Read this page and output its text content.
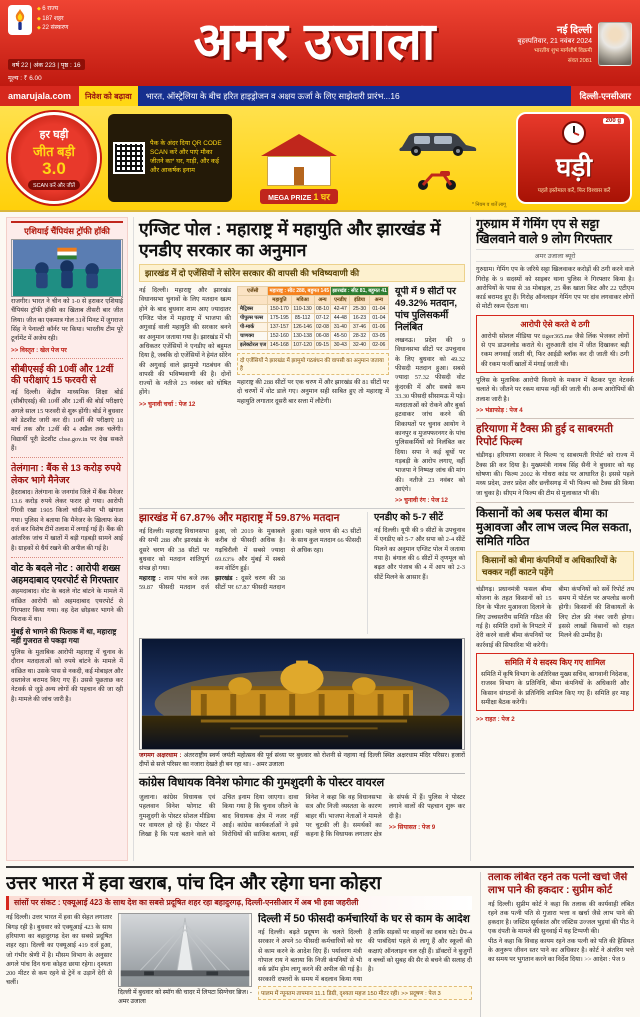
◆ 6 राज्य
◆ 187 शहर
◆ 22 संस्करण
वर्ष 22 | अंक 223 | पृष्ठ : 16
मूल्य : ₹ 6.00
अमर उजाला	नई दिल्ली
बृहस्पतिवार, 21 नवंबर 2024
भारतीय शुभ मार्गशीर्ष विक्रमी
संवत 2081
amarujala.com	निवेश को बढ़ावा	भारत, ऑस्ट्रेलिया के बीच हरित हाइड्रोजन व अक्षय ऊर्जा के लिए साझेदारी प्रारंभ...16	दिल्ली-एनसीआर
हर घड़ी
जीत बड़ी
3.0
SCAN करें और जीतें
पैक के अंदर दिया QR CODE SCAN करें और पाएं मौका जीतने का* घर, गाड़ी, और कई और आकर्षक इनाम
MEGA PRIZE 1 घर
200 g
घड़ी
पहले इस्तेमाल करें, फिर विश्वास करें
* नियम व शर्तें लागू
एशियाई चैंपियंस ट्रॉफी हॉकी

राजगीर। भारत ने चीन को 1-0 से हराकर एशियाई चैंपियंस ट्रॉफी हॉकी का खिताब तीसरी बार जीत लिया। जीत का एकमात्र गोल 31वें मिनट में जुगराज सिंह ने पेनाल्टी कॉर्नर पर किया। भारतीय टीम पूरे टूर्नामेंट में अजेय रही।

>> विस्तृत : खेल पेज पर
सीबीएसई की 10वीं और 12वीं की परीक्षाएं 15 फरवरी से

नई दिल्ली। केंद्रीय माध्यमिक शिक्षा बोर्ड (सीबीएसई) की 10वीं और 12वीं की बोर्ड परीक्षाएं अगले साल 15 फरवरी से शुरू होंगी। बोर्ड ने बुधवार को डेटशीट जारी कर दी। 10वीं की परीक्षाएं 18 मार्च तक और 12वीं की 4 अप्रैल तक चलेंगी। विद्यार्थी पूरी डेटशीट cbse.gov.in पर देख सकते हैं।

तेलंगाना : बैंक से 13 करोड़ रुपये लेकर भागे मैनेजर

हैदराबाद। तेलंगाना के जनगांव जिले में बैंक मैनेजर 13.6 करोड़ रुपये लेकर फरार हो गया। आरोपी गिरवी रखा 1905 किलो चांदी-सोना भी खंगाल गया। पुलिस ने बताया कि मैनेजर के खिलाफ केस दर्ज कर विशेष टीमें तलाश में लगाई गई हैं। बैंक की आंतरिक जांच में खातों में बड़ी गड़बड़ी सामने आई है। ग्राहकों से धैर्य रखने की अपील की गई है।

वोट के बदले नोट : आरोपी शख्स अहमदाबाद एयरपोर्ट से गिरफ्तार

अहमदाबाद। वोट के बदले नोट बांटने के मामले में वांछित आरोपी को अहमदाबाद एयरपोर्ट से गिरफ्तार किया गया। वह देश छोड़कर भागने की फिराक में था।

मुंबई से भागने की फिराक में था, महाराष्ट्र नहीं गुजरात से पकड़ा गया

पुलिस के मुताबिक आरोपी महाराष्ट्र में चुनाव के दौरान मतदाताओं को रुपये बांटने के मामले में वांछित था। उसके पास से नकदी, कई मोबाइल और दस्तावेज बरामद किए गए हैं। उससे पूछताछ कर नेटवर्क से जुड़े अन्य लोगों की पहचान की जा रही है। मामले की जांच जारी है।

एग्जिट पोल : महाराष्ट्र में महायुति और झारखंड में एनडीए सरकार का अनुमान
झारखंड में दो एजेंसियों ने सोरेन सरकार की वापसी की भविष्यवाणी की

नई दिल्ली। महाराष्ट्र और झारखंड विधानसभा चुनावों के लिए मतदान खत्म होने के बाद बुधवार शाम आए ज्यादातर एग्जिट पोल में महाराष्ट्र में भाजपा की अगुवाई वाली महायुति की सरकार बनने का अनुमान जताया गया है। झारखंड में भी अधिकतर एजेंसियों ने एनडीए को बहुमत दिया है, जबकि दो एजेंसियों ने हेमंत सोरेन की अगुवाई वाले झामुमो गठबंधन की वापसी की भविष्यवाणी की है। दोनों राज्यों के नतीजे 23 नवंबर को घोषित होंगे।

>> चुनावी चर्चा : पेज 12
एजेंसी	महाराष्ट्र : सीट 288, बहुमत 145			झारखंड : सीट 81, बहुमत 41		
	महायुति	मविआ	अन्य	एनडीए	इंडिया	अन्य
मैट्रिक्स	150-170	110-130	08-10	42-47	25-30	01-04
पीपुल्स पल्स	175-195	85-112	07-12	44-48	16-23	01-04
पी-मार्क	137-157	126-146	02-08	31-40	37-46	01-06
चाणक्य	152-160	130-138	06-08	45-50	28-32	03-05
इलेक्टोरल एज	145-168	107-120	09-15	30-43	32-40	02-06
दो एजेंसियों ने झारखंड में झामुमो गठबंधन की वापसी का अनुमान जताया है

महाराष्ट्र की 288 सीटों पर एक चरण में और झारखंड की 81 सीटों पर दो चरणों में वोट डाले गए। अनुमान सही साबित हुए तो महाराष्ट्र में महायुति लगातार दूसरी बार सत्ता में लौटेगी।

यूपी में 9 सीटों पर 49.32% मतदान, पांच पुलिसकर्मी निलंबित

लखनऊ। प्रदेश की 9 विधानसभा सीटों पर उपचुनाव के लिए बुधवार को 49.32 फीसदी मतदान हुआ। सबसे ज्यादा 57.32 फीसदी वोट कुंदरकी में और सबसे कम 33.30 फीसदी सीसामऊ में पड़े। मतदाताओं को रोकने और बुर्का हटवाकर जांच करने की शिकायतों पर चुनाव आयोग ने कानपुर व मुजफ्फरनगर के पांच पुलिसकर्मियों को निलंबित कर दिया। सपा ने कई बूथों पर गड़बड़ी के आरोप लगाए, वहीं भाजपा ने निष्पक्ष जांच की मांग की। नतीजे 23 नवंबर को आएंगे।

>> चुनावी रंग : पेज 12
झारखंड में 67.87% और महाराष्ट्र में 59.87% मतदान

नई दिल्ली। महाराष्ट्र विधानसभा की सभी 288 और झारखंड के दूसरे चरण की 38 सीटों पर बुधवार को मतदान शांतिपूर्ण संपन्न हो गया।

महाराष्ट्र : शाम पांच बजे तक 59.87 फीसदी मतदान दर्ज हुआ, जो 2019 के मुकाबले करीब दो फीसदी अधिक है। गढ़चिरौली में सबसे ज्यादा 69.63% और मुंबई में सबसे कम वोटिंग हुई।

झारखंड : दूसरे चरण की 38 सीटों पर 67.87 फीसदी मतदान हुआ। पहले चरण की 43 सीटों के साथ कुल मतदान 66 फीसदी से अधिक रहा।

एनडीए को 5-7 सीटें

नई दिल्ली। यूपी की 9 सीटों के उपचुनाव में एनडीए को 5-7 और सपा को 2-4 सीटें मिलने का अनुमान एग्जिट पोल में जताया गया है। बंगाल की 6 सीटों में तृणमूल को बढ़त और पंजाब की 4 में आप को 2-3 सीटें मिलने के आसार हैं।

जगमग अक्षरधाम : अंतरराष्ट्रीय स्वर्ण जयंती महोत्सव की पूर्व संध्या पर बुधवार को रोशनी से नहाया नई दिल्ली स्थित अक्षरधाम मंदिर परिसर। हजारों दीपों से सजे परिसर का नजारा देखते ही बन रहा था। - अमर उजाला
कांग्रेस विधायक विनेश फोगाट की गुमशुदगी के पोस्टर वायरल

जुलाना। कांग्रेस विधायक एवं पहलवान विनेश फोगाट की गुमशुदगी के पोस्टर सोशल मीडिया पर वायरल हो रहे हैं। पोस्टर में लिखा है कि पता बताने वाले को उचित इनाम दिया जाएगा। दावा किया गया है कि चुनाव जीतने के बाद विधायक क्षेत्र में नजर नहीं आईं। कांग्रेस कार्यकर्ताओं ने इसे विरोधियों की साजिश बताया, वहीं विनेश ने कहा कि वह विधानसभा सत्र और निजी व्यस्तता के कारण बाहर थीं। भाजपा नेताओं ने मामले पर चुटकी ली है। समर्थकों का कहना है कि विधायक लगातार क्षेत्र के संपर्क में हैं। पुलिस ने पोस्टर लगाने वालों की पहचान शुरू कर दी है।

>> सियासत : पेज 9
गुरुग्राम में गेमिंग एप से सट्टा खिलवाने वाले 9 लोग गिरफ्तार
अमर उजाला ब्यूरो

गुरुग्राम। गेमिंग एप के जरिये सट्टा खिलवाकर करोड़ों की ठगी करने वाले गिरोह के 9 सदस्यों को साइबर थाना पुलिस ने गिरफ्तार किया है। आरोपियों के पास से 38 मोबाइल, 25 बैंक खाता किट और 22 एटीएम कार्ड बरामद हुए हैं। गिरोह ऑनलाइन गेमिंग एप पर दांव लगवाकर लोगों से मोटी रकम ऐंठता था।

आरोपी ऐसे करते थे ठगी

आरोपी सोशल मीडिया पर tiger365.me जैसे लिंक भेजकर लोगों से एप डाउनलोड कराते थे। शुरुआती दांव में जीत दिखाकर बड़ी रकम लगवाई जाती थी, फिर आईडी ब्लॉक कर दी जाती थी। ठगी की रकम फर्जी खातों में मंगाई जाती थी।

पुलिस के मुताबिक आरोपी किराये के मकान में बैठकर पूरा नेटवर्क चलाते थे। जीतने पर रकम वापस नहीं की जाती थी। अन्य आरोपियों की तलाश जारी है।

>> भंडाफोड़ : पेज 4
हरियाणा में टैक्स फ्री हुई द साबरमती रिपोर्ट फिल्म

चंडीगढ़। हरियाणा सरकार ने फिल्म 'द साबरमती रिपोर्ट' को राज्य में टैक्स फ्री कर दिया है। मुख्यमंत्री नायब सिंह सैनी ने बुधवार को यह घोषणा की। फिल्म 2002 के गोधरा कांड पर आधारित है। इससे पहले मध्य प्रदेश, उत्तर प्रदेश और छत्तीसगढ़ में भी फिल्म को टैक्स फ्री किया जा चुका है। सीएम ने फिल्म की टीम से मुलाकात भी की।

किसानों को अब फसल बीमा का मुआवजा और लाभ जल्द मिल सकता, समिति गठित
किसानों को बीमा कंपनियों व अधिकारियों के चक्कर नहीं काटने पड़ेंगे

चंडीगढ़। प्रधानमंत्री फसल बीमा योजना के तहत किसानों को 15 दिन के भीतर मुआवजा दिलाने के लिए उच्चस्तरीय समिति गठित की गई है। समिति दावों के निपटारे में देरी करने वाली बीमा कंपनियों पर कार्रवाई की सिफारिश भी करेगी।

बीमा कंपनियों को सर्वे रिपोर्ट तय समय में पोर्टल पर अपलोड करनी होगी। किसानों की शिकायतों के लिए टोल फ्री नंबर जारी होगा। इससे लाखों किसानों को राहत मिलने की उम्मीद है।

समिति में ये सदस्य किए गए शामिल

समिति में कृषि विभाग के अतिरिक्त मुख्य सचिव, बागवानी निदेशक, राजस्व विभाग के प्रतिनिधि, बीमा कंपनियों के अधिकारी और किसान संगठनों के प्रतिनिधि शामिल किए गए हैं। समिति हर माह समीक्षा बैठक करेगी।

>> राहत : पेज 2
उत्तर भारत में हवा खराब, पांच दिन और रहेगा घना कोहरा
सांसों पर संकट : एक्यूआई 423 के साथ देश का सबसे प्रदूषित शहर रहा बहादुरगढ़, दिल्ली-एनसीआर में अब भी हवा जहरीली

नई दिल्ली। उत्तर भारत में हवा की सेहत लगातार बिगड़ रही है। बुधवार को एक्यूआई 423 के साथ हरियाणा का बहादुरगढ़ देश का सबसे प्रदूषित शहर रहा। दिल्ली का एक्यूआई 419 दर्ज हुआ, जो गंभीर श्रेणी में है। मौसम विभाग के अनुसार अगले पांच दिन घना कोहरा छाया रहेगा। दृश्यता 200 मीटर से कम रहने से ट्रेनें व उड़ानें देरी से चलीं।

दिल्ली में बुधवार को स्मॉग की चादर में लिपटा सिग्नेचर ब्रिज। - अमर उजाला
दिल्ली में 50 फीसदी कर्मचारियों के घर से काम के आदेश

नई दिल्ली। बढ़ते प्रदूषण के चलते दिल्ली सरकार ने अपने 50 फीसदी कर्मचारियों को घर से काम करने के आदेश दिए हैं। पर्यावरण मंत्री गोपाल राय ने बताया कि निजी कंपनियों से भी वर्क फ्रॉम होम लागू करने की अपील की गई है। सरकारी दफ्तरों के समय में बदलाव किया गया है ताकि सड़कों पर वाहनों का दबाव घटे। ग्रैप-4 की पाबंदियां पहले से लागू हैं और स्कूलों की कक्षाएं ऑनलाइन चल रही हैं। डॉक्टरों ने बुजुर्गों व बच्चों को सुबह की सैर से बचने की सलाह दी है।

पालम में न्यूनतम तापमान 11.1 डिग्री, दृश्यता महज 150 मीटर रही। >> प्रदूषण : पेज 3
तलाक लंबित रहने तक पत्नी खर्चा जैसे लाभ पाने की हकदार : सुप्रीम कोर्ट

नई दिल्ली। सुप्रीम कोर्ट ने कहा कि तलाक की कार्यवाही लंबित रहने तक पत्नी पति से गुजारा भत्ता व खर्चा जैसे लाभ पाने की हकदार है। जस्टिस सूर्यकांत और जस्टिस उज्जल भुइयां की पीठ ने एक दंपती के मामले की सुनवाई में यह टिप्पणी की।

पीठ ने कहा कि विवाह कायम रहने तक पत्नी को पति की हैसियत के अनुरूप जीवन स्तर पाने का अधिकार है। कोर्ट ने अंतरिम भत्ते का समय पर भुगतान करने का निर्देश दिया। >> आदेश : पेज 9
